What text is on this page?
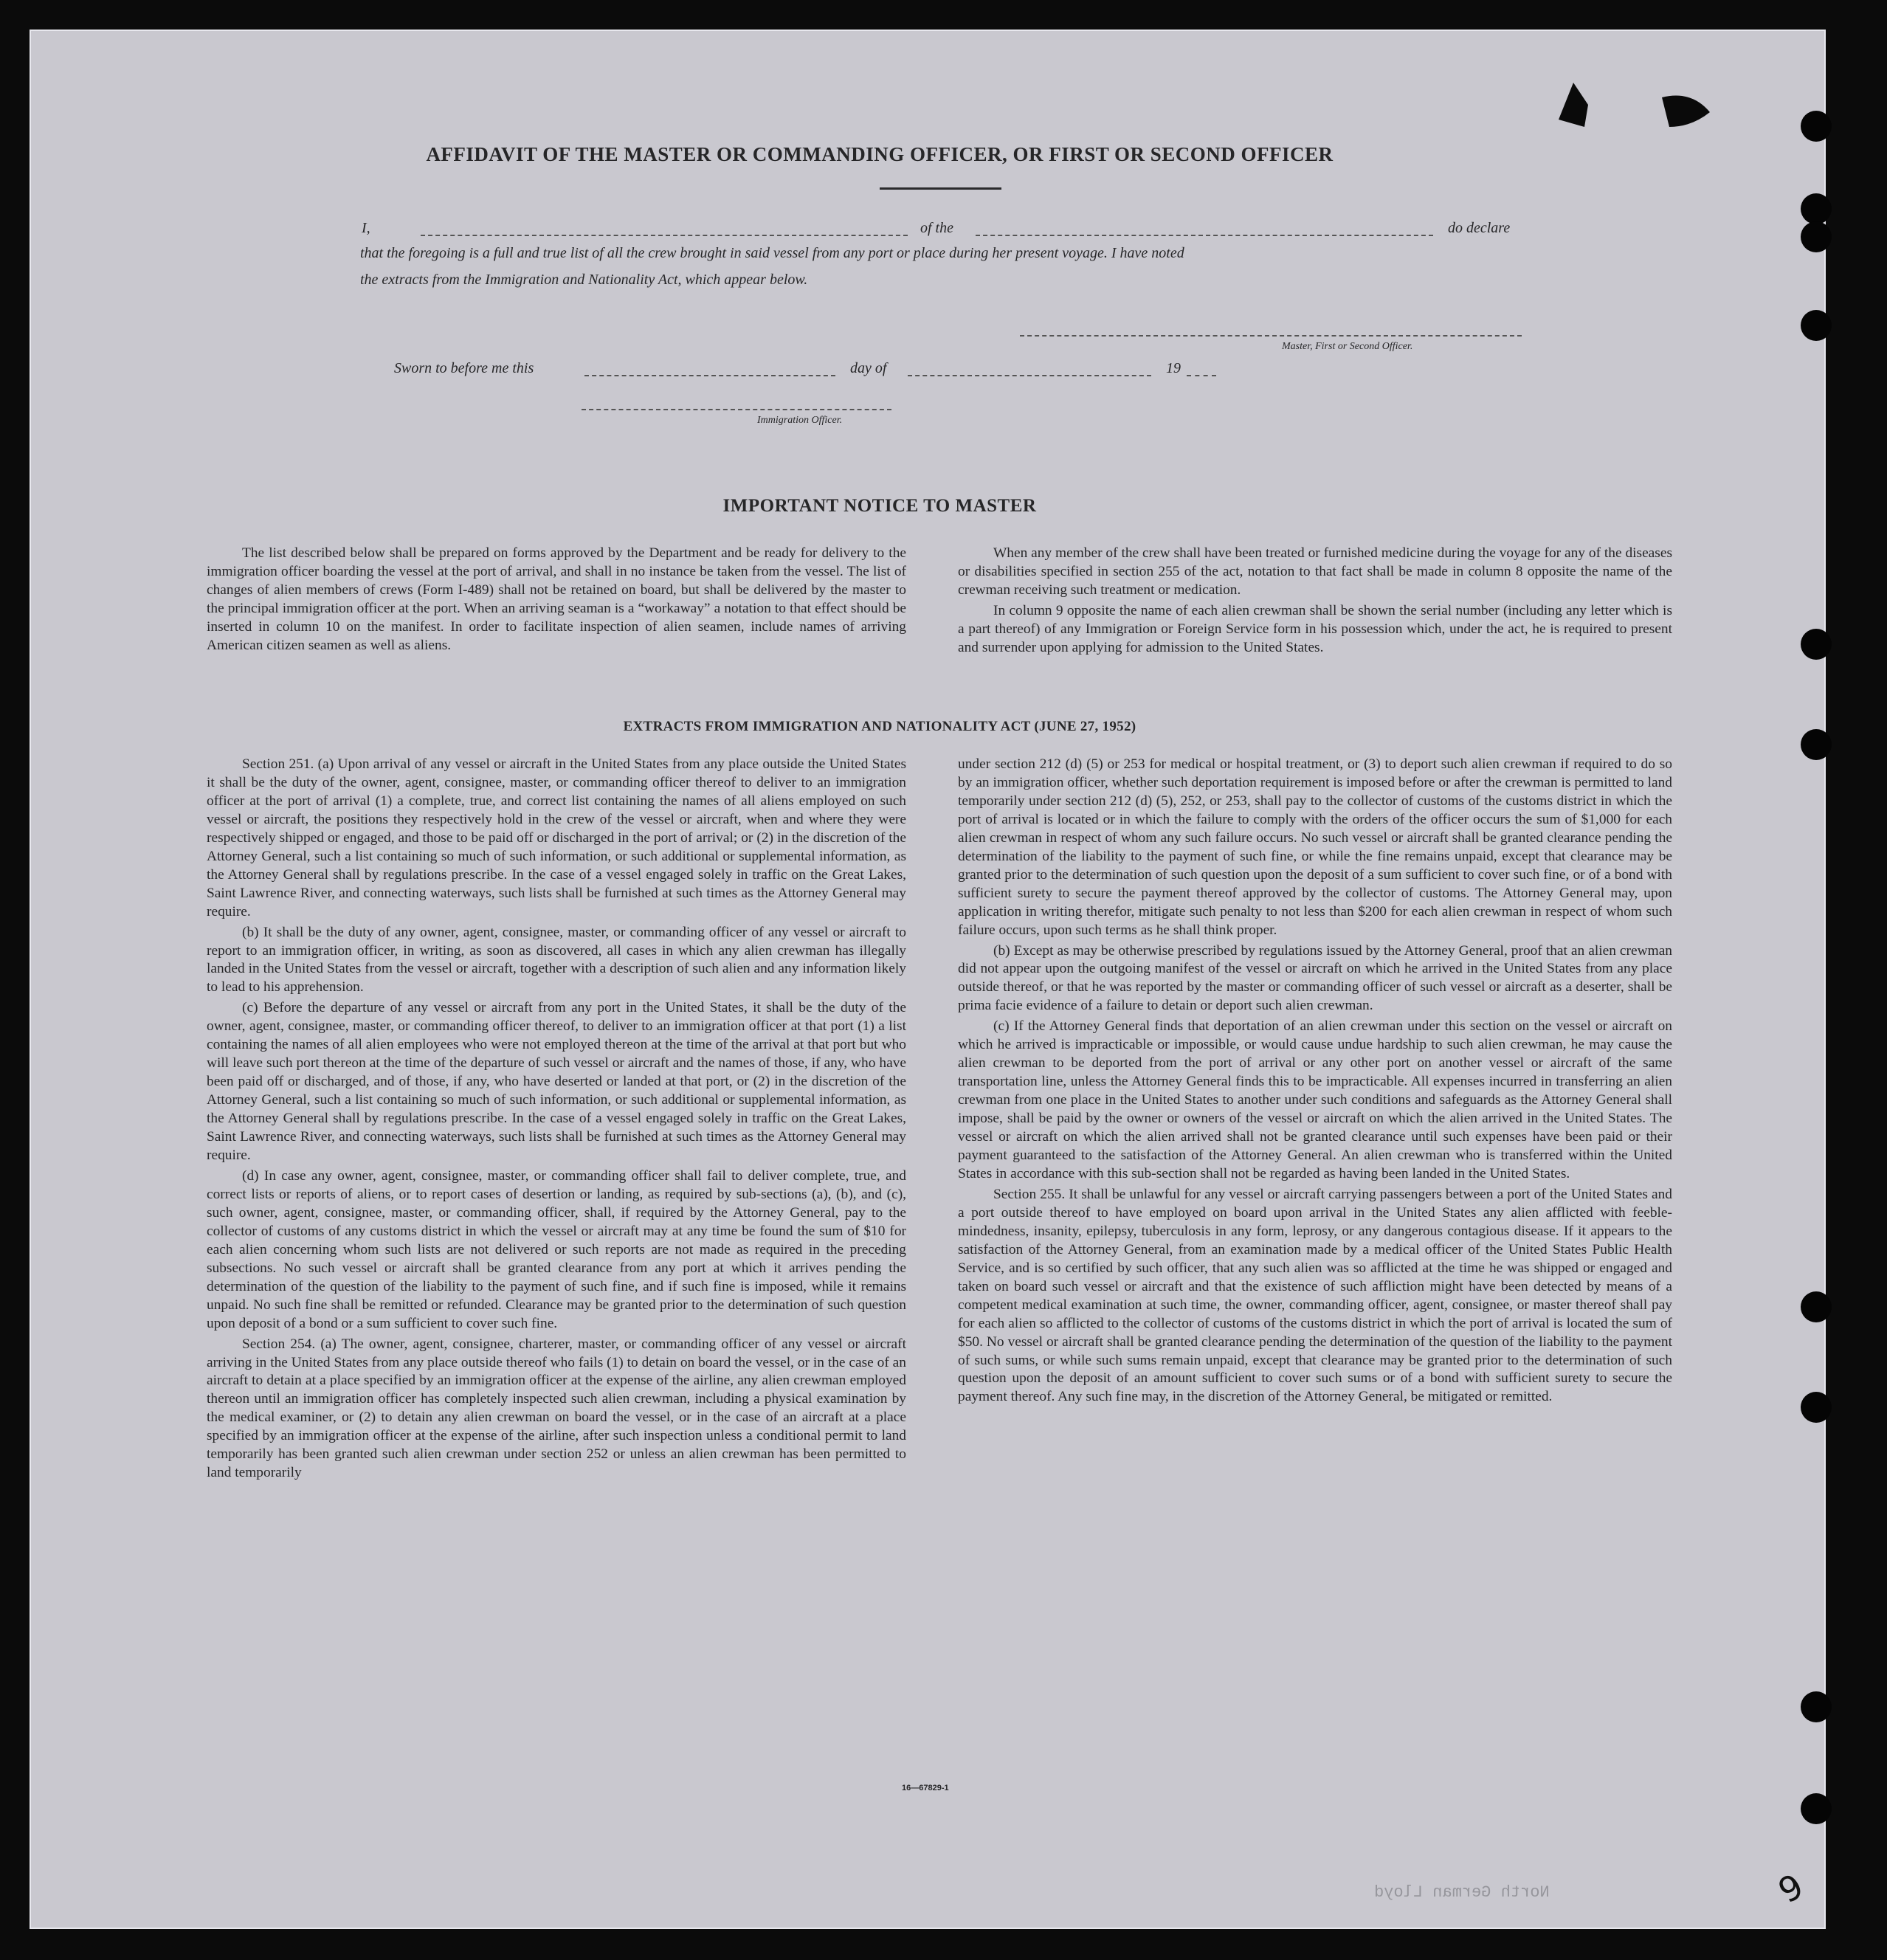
North German Lloyd
AFFIDAVIT OF THE MASTER OR COMMANDING OFFICER, OR FIRST OR SECOND OFFICER
I,	of the	do declare
that the foregoing is a full and true list of all the crew brought in said vessel from any port or place during her present voyage. I have noted
the extracts from the Immigration and Nationality Act, which appear below.
Master, First or Second Officer.
Sworn to before me this	day of	19
Immigration Officer.
IMPORTANT NOTICE TO MASTER

The list described below shall be prepared on forms approved by the Department and be ready for delivery to the immigration officer boarding the vessel at the port of arrival, and shall in no instance be taken from the vessel. The list of changes of alien members of crews (Form I-489) shall not be retained on board, but shall be delivered by the master to the principal immigration officer at the port. When an arriving seaman is a “workaway” a notation to that effect should be inserted in column 10 on the manifest. In order to facilitate inspection of alien seamen, include names of arriving American citizen seamen as well as aliens.

When any member of the crew shall have been treated or furnished medicine during the voyage for any of the diseases or disabilities specified in section 255 of the act, notation to that fact shall be made in column 8 opposite the name of the crewman receiving such treatment or medication.

In column 9 opposite the name of each alien crewman shall be shown the serial number (including any letter which is a part thereof) of any Immigration or Foreign Service form in his possession which, under the act, he is required to present and surrender upon applying for admission to the United States.

EXTRACTS FROM IMMIGRATION AND NATIONALITY ACT (JUNE 27, 1952)

Section 251. (a) Upon arrival of any vessel or aircraft in the United States from any place outside the United States it shall be the duty of the owner, agent, consignee, master, or commanding officer thereof to deliver to an immigration officer at the port of arrival (1) a complete, true, and correct list containing the names of all aliens employed on such vessel or aircraft, the positions they respectively hold in the crew of the vessel or aircraft, when and where they were respectively shipped or engaged, and those to be paid off or discharged in the port of arrival; or (2) in the discretion of the Attorney General, such a list containing so much of such information, or such additional or supplemental information, as the Attorney General shall by regulations prescribe. In the case of a vessel engaged solely in traffic on the Great Lakes, Saint Lawrence River, and connecting waterways, such lists shall be furnished at such times as the Attorney General may require.

(b) It shall be the duty of any owner, agent, consignee, master, or commanding officer of any vessel or aircraft to report to an immigration officer, in writing, as soon as discovered, all cases in which any alien crewman has illegally landed in the United States from the vessel or aircraft, together with a description of such alien and any information likely to lead to his apprehension.

(c) Before the departure of any vessel or aircraft from any port in the United States, it shall be the duty of the owner, agent, consignee, master, or commanding officer thereof, to deliver to an immigration officer at that port (1) a list containing the names of all alien employees who were not employed thereon at the time of the arrival at that port but who will leave such port thereon at the time of the departure of such vessel or aircraft and the names of those, if any, who have been paid off or discharged, and of those, if any, who have deserted or landed at that port, or (2) in the discretion of the Attorney General, such a list containing so much of such information, or such additional or supplemental information, as the Attorney General shall by regulations prescribe. In the case of a vessel engaged solely in traffic on the Great Lakes, Saint Lawrence River, and connecting waterways, such lists shall be furnished at such times as the Attorney General may require.

(d) In case any owner, agent, consignee, master, or commanding officer shall fail to deliver complete, true, and correct lists or reports of aliens, or to report cases of desertion or landing, as required by sub-sections (a), (b), and (c), such owner, agent, consignee, master, or commanding officer, shall, if required by the Attorney General, pay to the collector of customs of any customs district in which the vessel or aircraft may at any time be found the sum of $10 for each alien concerning whom such lists are not delivered or such reports are not made as required in the preceding subsections. No such vessel or aircraft shall be granted clearance from any port at which it arrives pending the determination of the question of the liability to the payment of such fine, and if such fine is imposed, while it remains unpaid. No such fine shall be remitted or refunded. Clearance may be granted prior to the determination of such question upon deposit of a bond or a sum sufficient to cover such fine.

Section 254. (a) The owner, agent, consignee, charterer, master, or commanding officer of any vessel or aircraft arriving in the United States from any place outside thereof who fails (1) to detain on board the vessel, or in the case of an aircraft to detain at a place specified by an immigration officer at the expense of the airline, any alien crewman employed thereon until an immigration officer has completely inspected such alien crewman, including a physical examination by the medical examiner, or (2) to detain any alien crewman on board the vessel, or in the case of an aircraft at a place specified by an immigration officer at the expense of the airline, after such inspection unless a conditional permit to land temporarily has been granted such alien crewman under section 252 or unless an alien crewman has been permitted to land temporarily

under section 212 (d) (5) or 253 for medical or hospital treatment, or (3) to deport such alien crewman if required to do so by an immigration officer, whether such deportation requirement is imposed before or after the crewman is permitted to land temporarily under section 212 (d) (5), 252, or 253, shall pay to the collector of customs of the customs district in which the port of arrival is located or in which the failure to comply with the orders of the officer occurs the sum of $1,000 for each alien crewman in respect of whom any such failure occurs. No such vessel or aircraft shall be granted clearance pending the determination of the liability to the payment of such fine, or while the fine remains unpaid, except that clearance may be granted prior to the determination of such question upon the deposit of a sum sufficient to cover such fine, or of a bond with sufficient surety to secure the payment thereof approved by the collector of customs. The Attorney General may, upon application in writing therefor, mitigate such penalty to not less than $200 for each alien crewman in respect of whom such failure occurs, upon such terms as he shall think proper.

(b) Except as may be otherwise prescribed by regulations issued by the Attorney General, proof that an alien crewman did not appear upon the outgoing manifest of the vessel or aircraft on which he arrived in the United States from any place outside thereof, or that he was reported by the master or commanding officer of such vessel or aircraft as a deserter, shall be prima facie evidence of a failure to detain or deport such alien crewman.

(c) If the Attorney General finds that deportation of an alien crewman under this section on the vessel or aircraft on which he arrived is impracticable or impossible, or would cause undue hardship to such alien crewman, he may cause the alien crewman to be deported from the port of arrival or any other port on another vessel or aircraft of the same transportation line, unless the Attorney General finds this to be impracticable. All expenses incurred in transferring an alien crewman from one place in the United States to another under such conditions and safeguards as the Attorney General shall impose, shall be paid by the owner or owners of the vessel or aircraft on which the alien arrived in the United States. The vessel or aircraft on which the alien arrived shall not be granted clearance until such expenses have been paid or their payment guaranteed to the satisfaction of the Attorney General. An alien crewman who is transferred within the United States in accordance with this sub-section shall not be regarded as having been landed in the United States.

Section 255. It shall be unlawful for any vessel or aircraft carrying passengers between a port of the United States and a port outside thereof to have employed on board upon arrival in the United States any alien afflicted with feeble-mindedness, insanity, epilepsy, tuberculosis in any form, leprosy, or any dangerous contagious disease. If it appears to the satisfaction of the Attorney General, from an examination made by a medical officer of the United States Public Health Service, and is so certified by such officer, that any such alien was so afflicted at the time he was shipped or engaged and taken on board such vessel or aircraft and that the existence of such affliction might have been detected by means of a competent medical examination at such time, the owner, commanding officer, agent, consignee, or master thereof shall pay for each alien so afflicted to the collector of customs of the customs district in which the port of arrival is located the sum of $50. No vessel or aircraft shall be granted clearance pending the determination of the question of the liability to the payment of such sums, or while such sums remain unpaid, except that clearance may be granted prior to the determination of such question upon the deposit of an amount sufficient to cover such sums or of a bond with sufficient surety to secure the payment thereof. Any such fine may, in the discretion of the Attorney General, be mitigated or remitted.

16—67829-1
9
